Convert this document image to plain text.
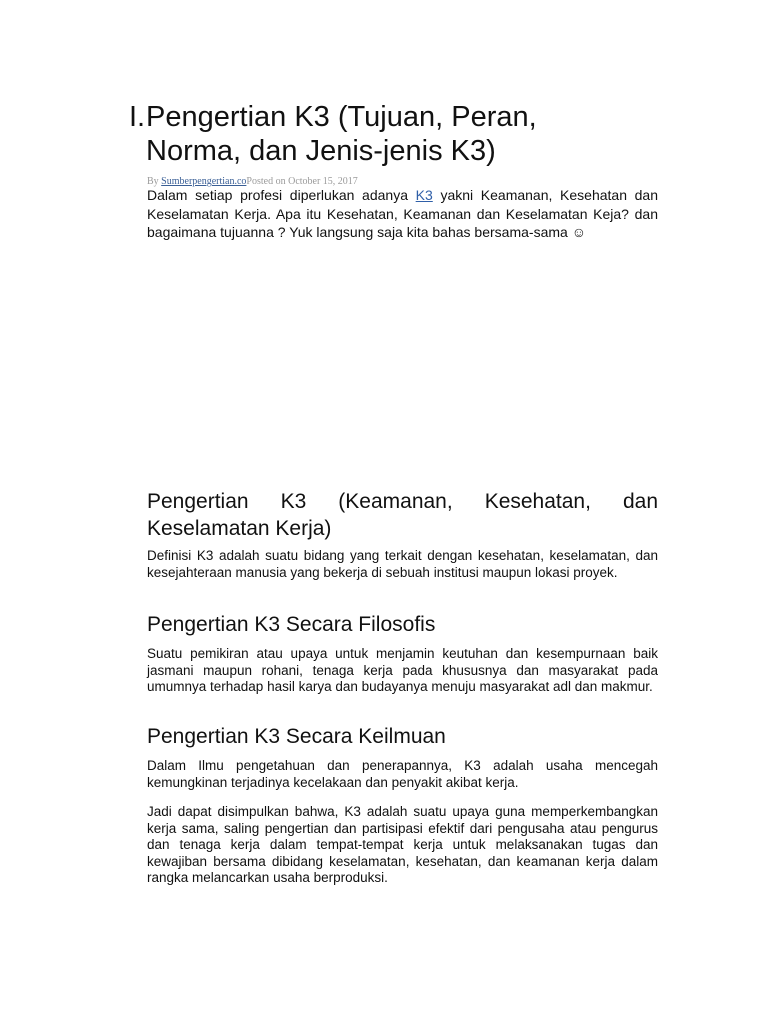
I. Pengertian K3 (Tujuan, Peran,
Norma, dan Jenis-jenis K3)
By Sumberpengertian.coPosted on October 15, 2017

Dalam setiap profesi diperlukan adanya K3 yakni Keamanan, Kesehatan dan Keselamatan Kerja. Apa itu Kesehatan, Keamanan dan Keselamatan Keja? dan bagaimana tujuanna ? Yuk langsung saja kita bahas bersama-sama ☺

Pengertian K3 (Keamanan, Kesehatan, dan Keselamatan Kerja)

Definisi K3 adalah suatu bidang yang terkait dengan kesehatan, keselamatan, dan kesejahteraan manusia yang bekerja di sebuah institusi maupun lokasi proyek.

Pengertian K3 Secara Filosofis

Suatu pemikiran atau upaya untuk menjamin keutuhan dan kesempurnaan baik jasmani maupun rohani, tenaga kerja pada khususnya dan masyarakat pada umumnya terhadap hasil karya dan budayanya menuju masyarakat adl dan makmur.

Pengertian K3 Secara Keilmuan

Dalam Ilmu pengetahuan dan penerapannya, K3 adalah usaha mencegah kemungkinan terjadinya kecelakaan dan penyakit akibat kerja.

Jadi dapat disimpulkan bahwa, K3 adalah suatu upaya guna memperkembangkan kerja sama, saling pengertian dan partisipasi efektif dari pengusaha atau pengurus dan tenaga kerja dalam tempat-tempat kerja untuk melaksanakan tugas dan kewajiban bersama dibidang keselamatan, kesehatan, dan keamanan kerja dalam rangka melancarkan usaha berproduksi.
